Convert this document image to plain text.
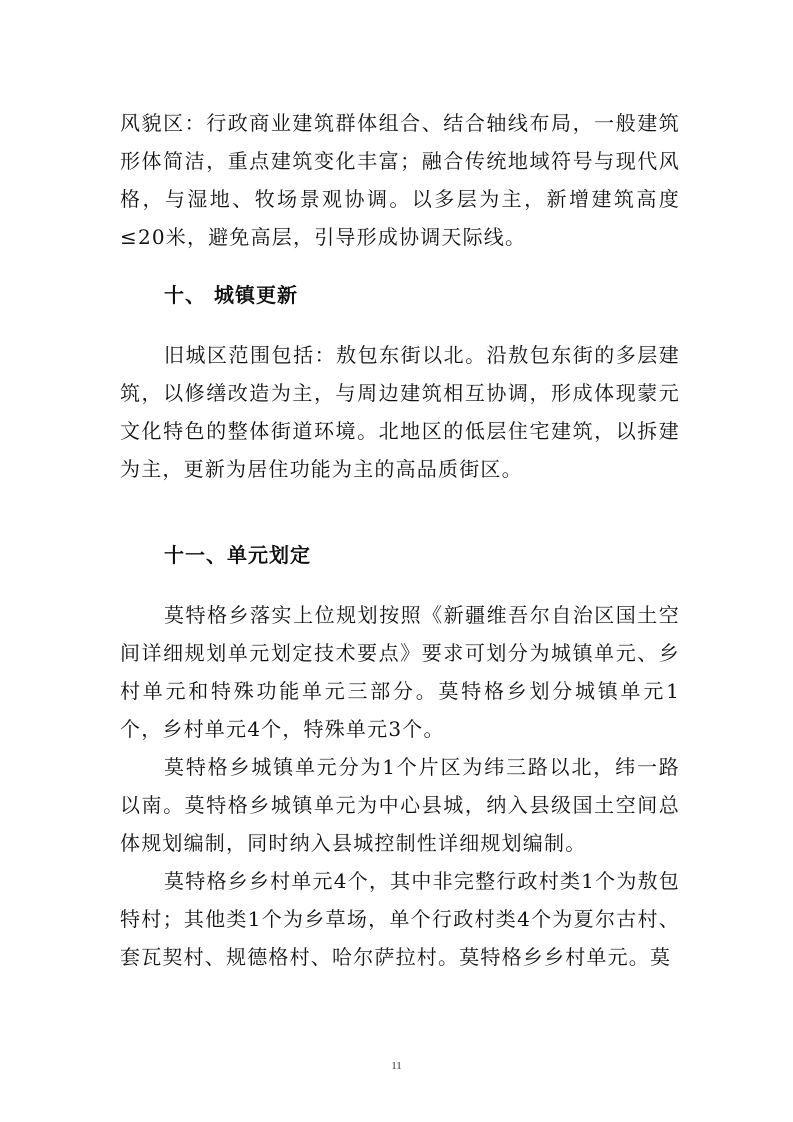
风貌区：行政商业建筑群体组合、结合轴线布局，一般建筑形体简洁，重点建筑变化丰富；融合传统地域符号与现代风格，与湿地、牧场景观协调。以多层为主，新增建筑高度≤20米，避免高层，引导形成协调天际线。

十、 城镇更新

旧城区范围包括：敖包东街以北。沿敖包东街的多层建筑，以修缮改造为主，与周边建筑相互协调，形成体现蒙元文化特色的整体街道环境。北地区的低层住宅建筑，以拆建为主，更新为居住功能为主的高品质街区。

十一、单元划定

莫特格乡落实上位规划按照《新疆维吾尔自治区国土空间详细规划单元划定技术要点》要求可划分为城镇单元、乡村单元和特殊功能单元三部分。莫特格乡划分城镇单元1个，乡村单元4个，特殊单元3个。

莫特格乡城镇单元分为1个片区为纬三路以北，纬一路以南。莫特格乡城镇单元为中心县城，纳入县级国土空间总体规划编制，同时纳入县城控制性详细规划编制。

莫特格乡乡村单元4个，其中非完整行政村类1个为敖包特村；其他类1个为乡草场，单个行政村类4个为夏尔古村、套瓦契村、规德格村、哈尔萨拉村。莫特格乡乡村单元。莫

11
